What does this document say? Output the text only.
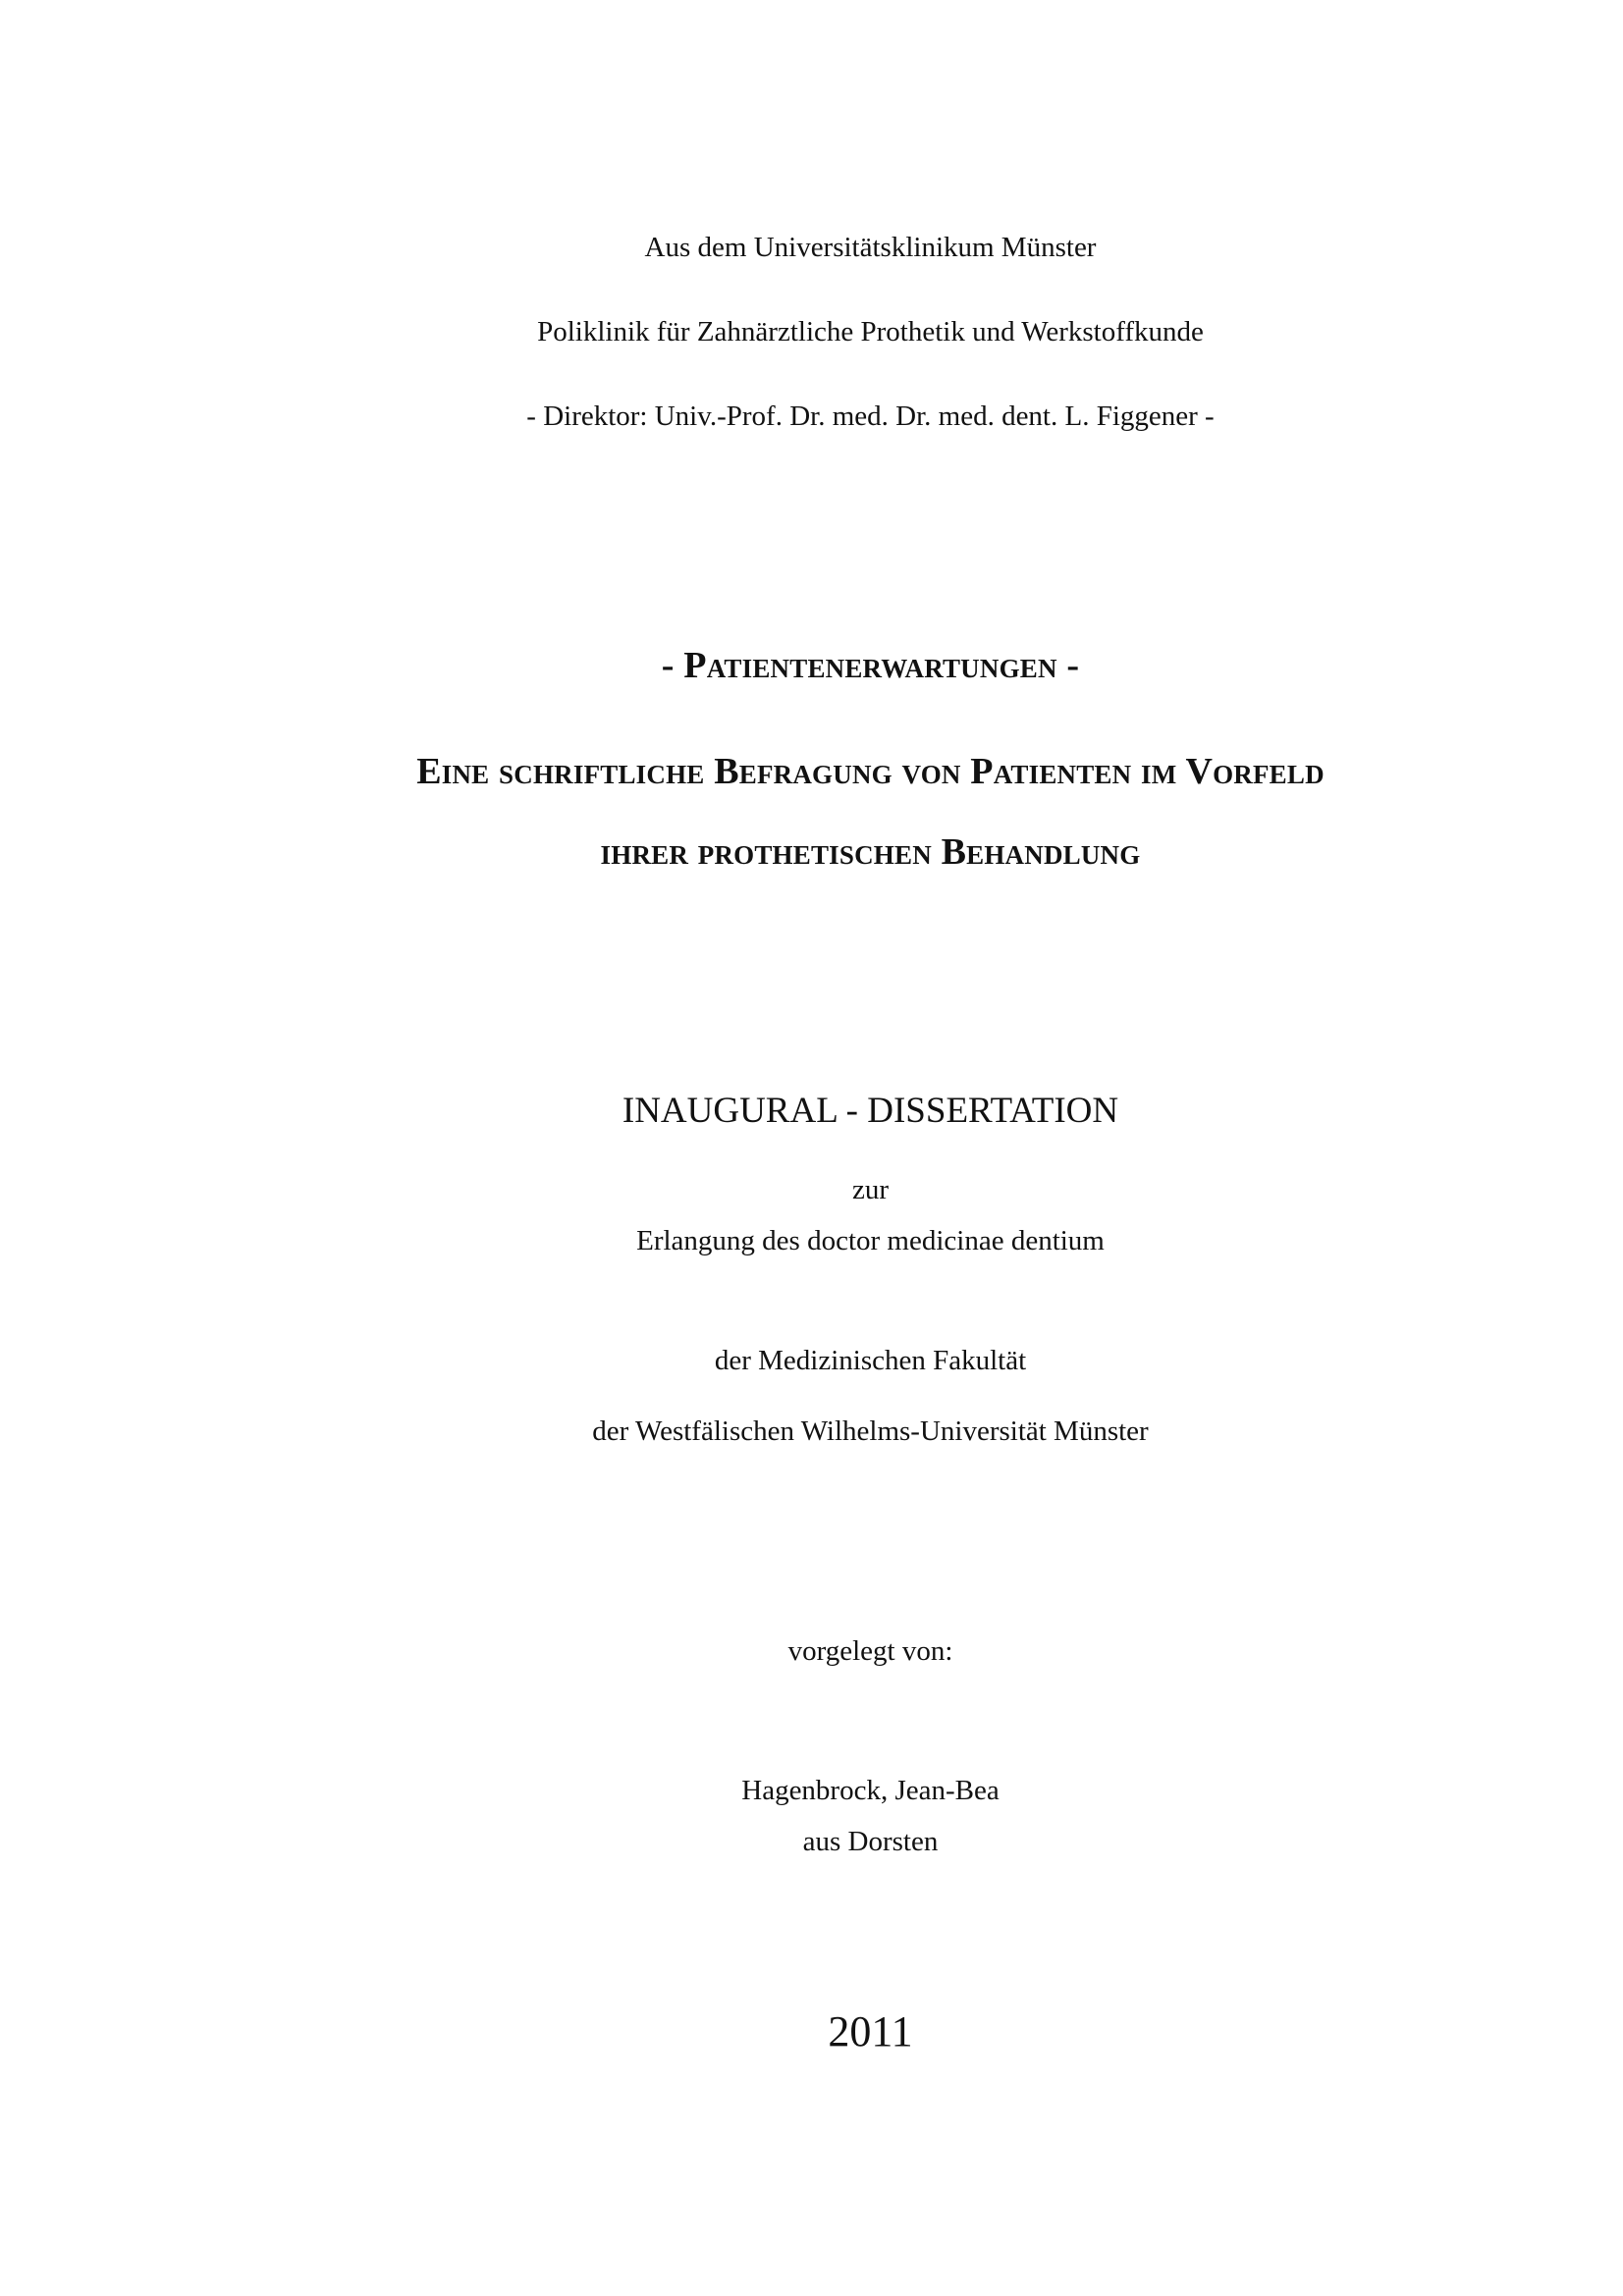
Aus dem Universitätsklinikum Münster
Poliklinik für Zahnärztliche Prothetik und Werkstoffkunde
- Direktor: Univ.-Prof. Dr. med. Dr. med. dent. L. Figgener -
- Patientenerwartungen -
Eine schriftliche Befragung von Patienten im Vorfeld
ihrer prothetischen Behandlung
INAUGURAL - DISSERTATION
zur
Erlangung des doctor medicinae dentium
der Medizinischen Fakultät
der Westfälischen Wilhelms-Universität Münster
vorgelegt von:
Hagenbrock, Jean-Bea
aus Dorsten
2011
